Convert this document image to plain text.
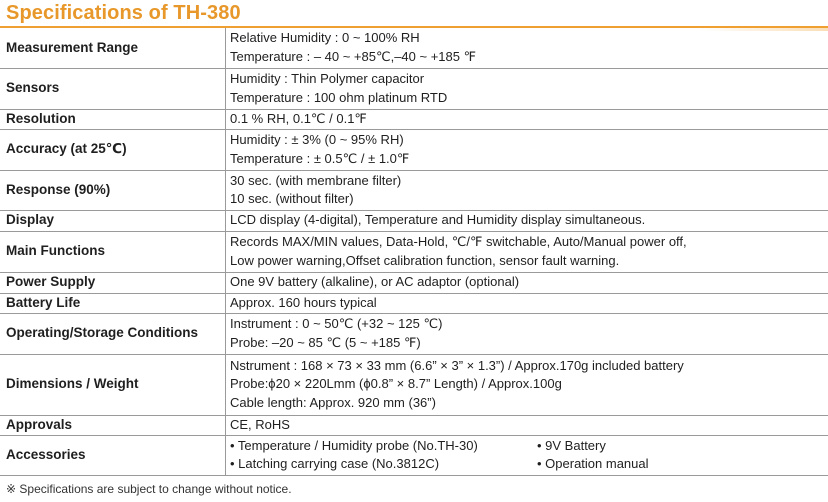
Specifications of TH-380
Measurement Range	Relative Humidity : 0 ~ 100% RH
Temperature : – 40 ~ +85℃,–40 ~ +185 ℉

Sensors	Humidity : Thin Polymer capacitor
Temperature : 100 ohm platinum RTD

Resolution	0.1 % RH, 0.1℃ / 0.1℉

Accuracy (at 25℃)	Humidity : ± 3% (0 ~ 95% RH)
Temperature : ± 0.5℃ / ± 1.0℉

Response (90%)	30 sec. (with membrane filter)
10 sec. (without filter)

Display	LCD display (4-digital), Temperature and Humidity display simultaneous.

Main Functions	Records MAX/MIN values, Data-Hold, ℃/℉ switchable, Auto/Manual power off,
Low power warning,Offset calibration function, sensor fault warning.

Power Supply	One 9V battery (alkaline), or AC adaptor (optional)

Battery Life	Approx. 160 hours typical

Operating/Storage Conditions	Instrument : 0 ~ 50℃ (+32 ~ 125 ℃)
Probe: –20 ~ 85 ℃ (5 ~ +185 ℉)

Dimensions / Weight	Nstrument : 168 × 73 × 33 mm (6.6” × 3” × 1.3”) / Approx.170g included battery
Probe:ϕ20 × 220Lmm (ϕ0.8” × 8.7” Length) / Approx.100g
Cable length: Approx. 920 mm (36”)

Approvals	CE, RoHS

Accessories	• Temperature / Humidity probe (No.TH-30) • 9V Battery
• Latching carrying case (No.3812C) • Operation manual
※ Specifications are subject to change without notice.
